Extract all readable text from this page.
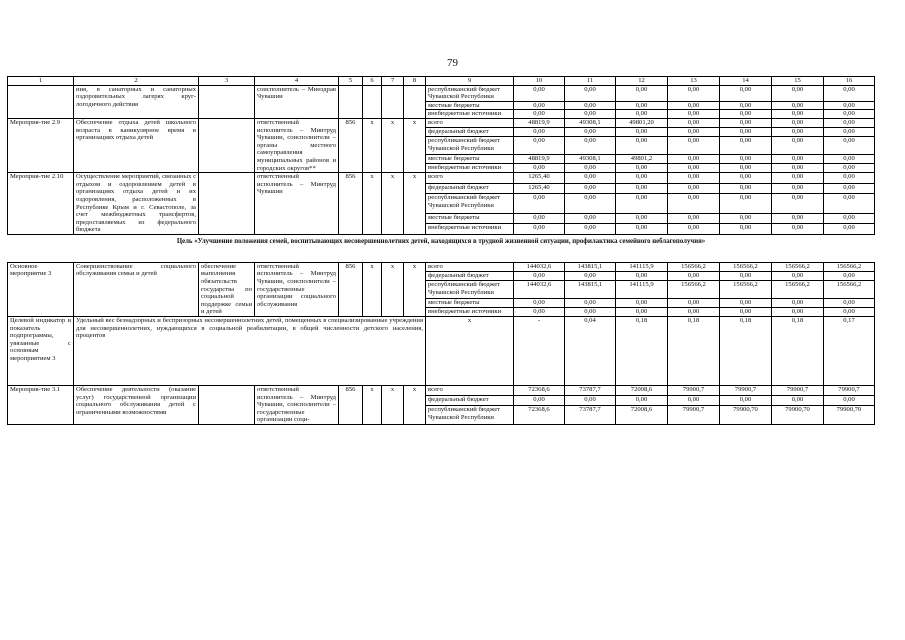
79
1	2	3	4	5	6	7	8	9	10	11	12	13	14	15	16
	ния, в санаторных и санаторных оздоровительных лагерях круг-логодичного действия		соисполнитель – Минздрав Чувашии					республиканский бюджет Чувашской Республики	0,00	0,00	0,00	0,00	0,00	0,00	0,00
								местные бюджеты	0,00	0,00	0,00	0,00	0,00	0,00	0,00
								внебюджетные источники	0,00	0,00	0,00	0,00	0,00	0,00	0,00
Мероприя-тие 2.9	Обеспечение отдыха детей школьного возраста в каникулярное время в организациях отдыха детей		ответственный исполнитель – Минтруд Чувашии, соисполнители – органы местного самоуправления муниципальных районов и городских округов**	856	x	x	x	всего	48819,9	49308,1	49801,20	0,00	0,00	0,00	0,00
								федеральный бюджет	0,00	0,00	0,00	0,00	0,00	0,00	0,00
								республиканский бюджет Чувашской Республики	0,00	0,00	0,00	0,00	0,00	0,00	0,00
								местные бюджеты	48819,9	49308,1	49801,2	0,00	0,00	0,00	0,00
								внебюджетные источники	0,00	0,00	0,00	0,00	0,00	0,00	0,00
Мероприя-тие 2.10	Осуществление мероприятий, связанных с отдыхом и оздоровлением детей в организациях отдыха детей и их оздоровления, расположенных в Республике Крым и г. Севастополе, за счет межбюджетных трансфертов, предоставляемых из федерального бюджета		ответственный исполнитель – Минтруд Чувашии	856	x	x	x	всего	1265,40	0,00	0,00	0,00	0,00	0,00	0,00
								федеральный бюджет	1265,40	0,00	0,00	0,00	0,00	0,00	0,00
								республиканский бюджет Чувашской Республики	0,00	0,00	0,00	0,00	0,00	0,00	0,00
								местные бюджеты	0,00	0,00	0,00	0,00	0,00	0,00	0,00
								внебюджетные источники	0,00	0,00	0,00	0,00	0,00	0,00	0,00
Цель «Улучшение положения семей, воспитывающих несовершеннолетних детей, находящихся в трудной жизненной ситуации, профилактика семейного неблагополучия»															
Основное мероприятие 3	Совершенствование социального обслуживания семьи и детей	обеспечение выполнения обязательств государства по социальной поддержке семьи и детей	ответственный исполнитель – Минтруд Чувашии, соисполнители – государственные организации социального обслуживания	856	x	x	x	всего	144032,6	143815,1	141115,9	156566,2	156566,2	156566,2	156566,2
								федеральный бюджет	0,00	0,00	0,00	0,00	0,00	0,00	0,00
								республиканский бюджет Чувашской Республики	144032,6	143815,1	141115,9	156566,2	156566,2	156566,2	156566,2
								местные бюджеты	0,00	0,00	0,00	0,00	0,00	0,00	0,00
								внебюджетные источники	0,00	0,00	0,00	0,00	0,00	0,00	0,00
Целевой индикатор и показатель подпрограммы, увязанные с основным мероприятием 3	Удельный вес безнадзорных и беспризорных несовершеннолетних детей, помещенных в специализированные учреждения для несовершеннолетних, нуждающихся в социальной реабилитации, в общей численности детского населения, процентов							x	-	0,04	0,18	0,18	0,18	0,18	0,17
Мероприя-тие 3.1	Обеспечение деятельности (оказание услуг) государственной организации социального обслуживания детей с ограниченными возможностями		ответственный исполнитель – Минтруд Чувашии, соисполнители – государственные организации соци-	856	x	x	x	всего	72368,6	73787,7	72008,6	79900,7	79900,7	79900,7	79900,7
								федеральный бюджет	0,00	0,00	0,00	0,00	0,00	0,00	0,00
								республиканский бюджет Чувашской Республики	72368,6	73787,7	72008,6	79900,7	79900,70	79900,70	79900,70
